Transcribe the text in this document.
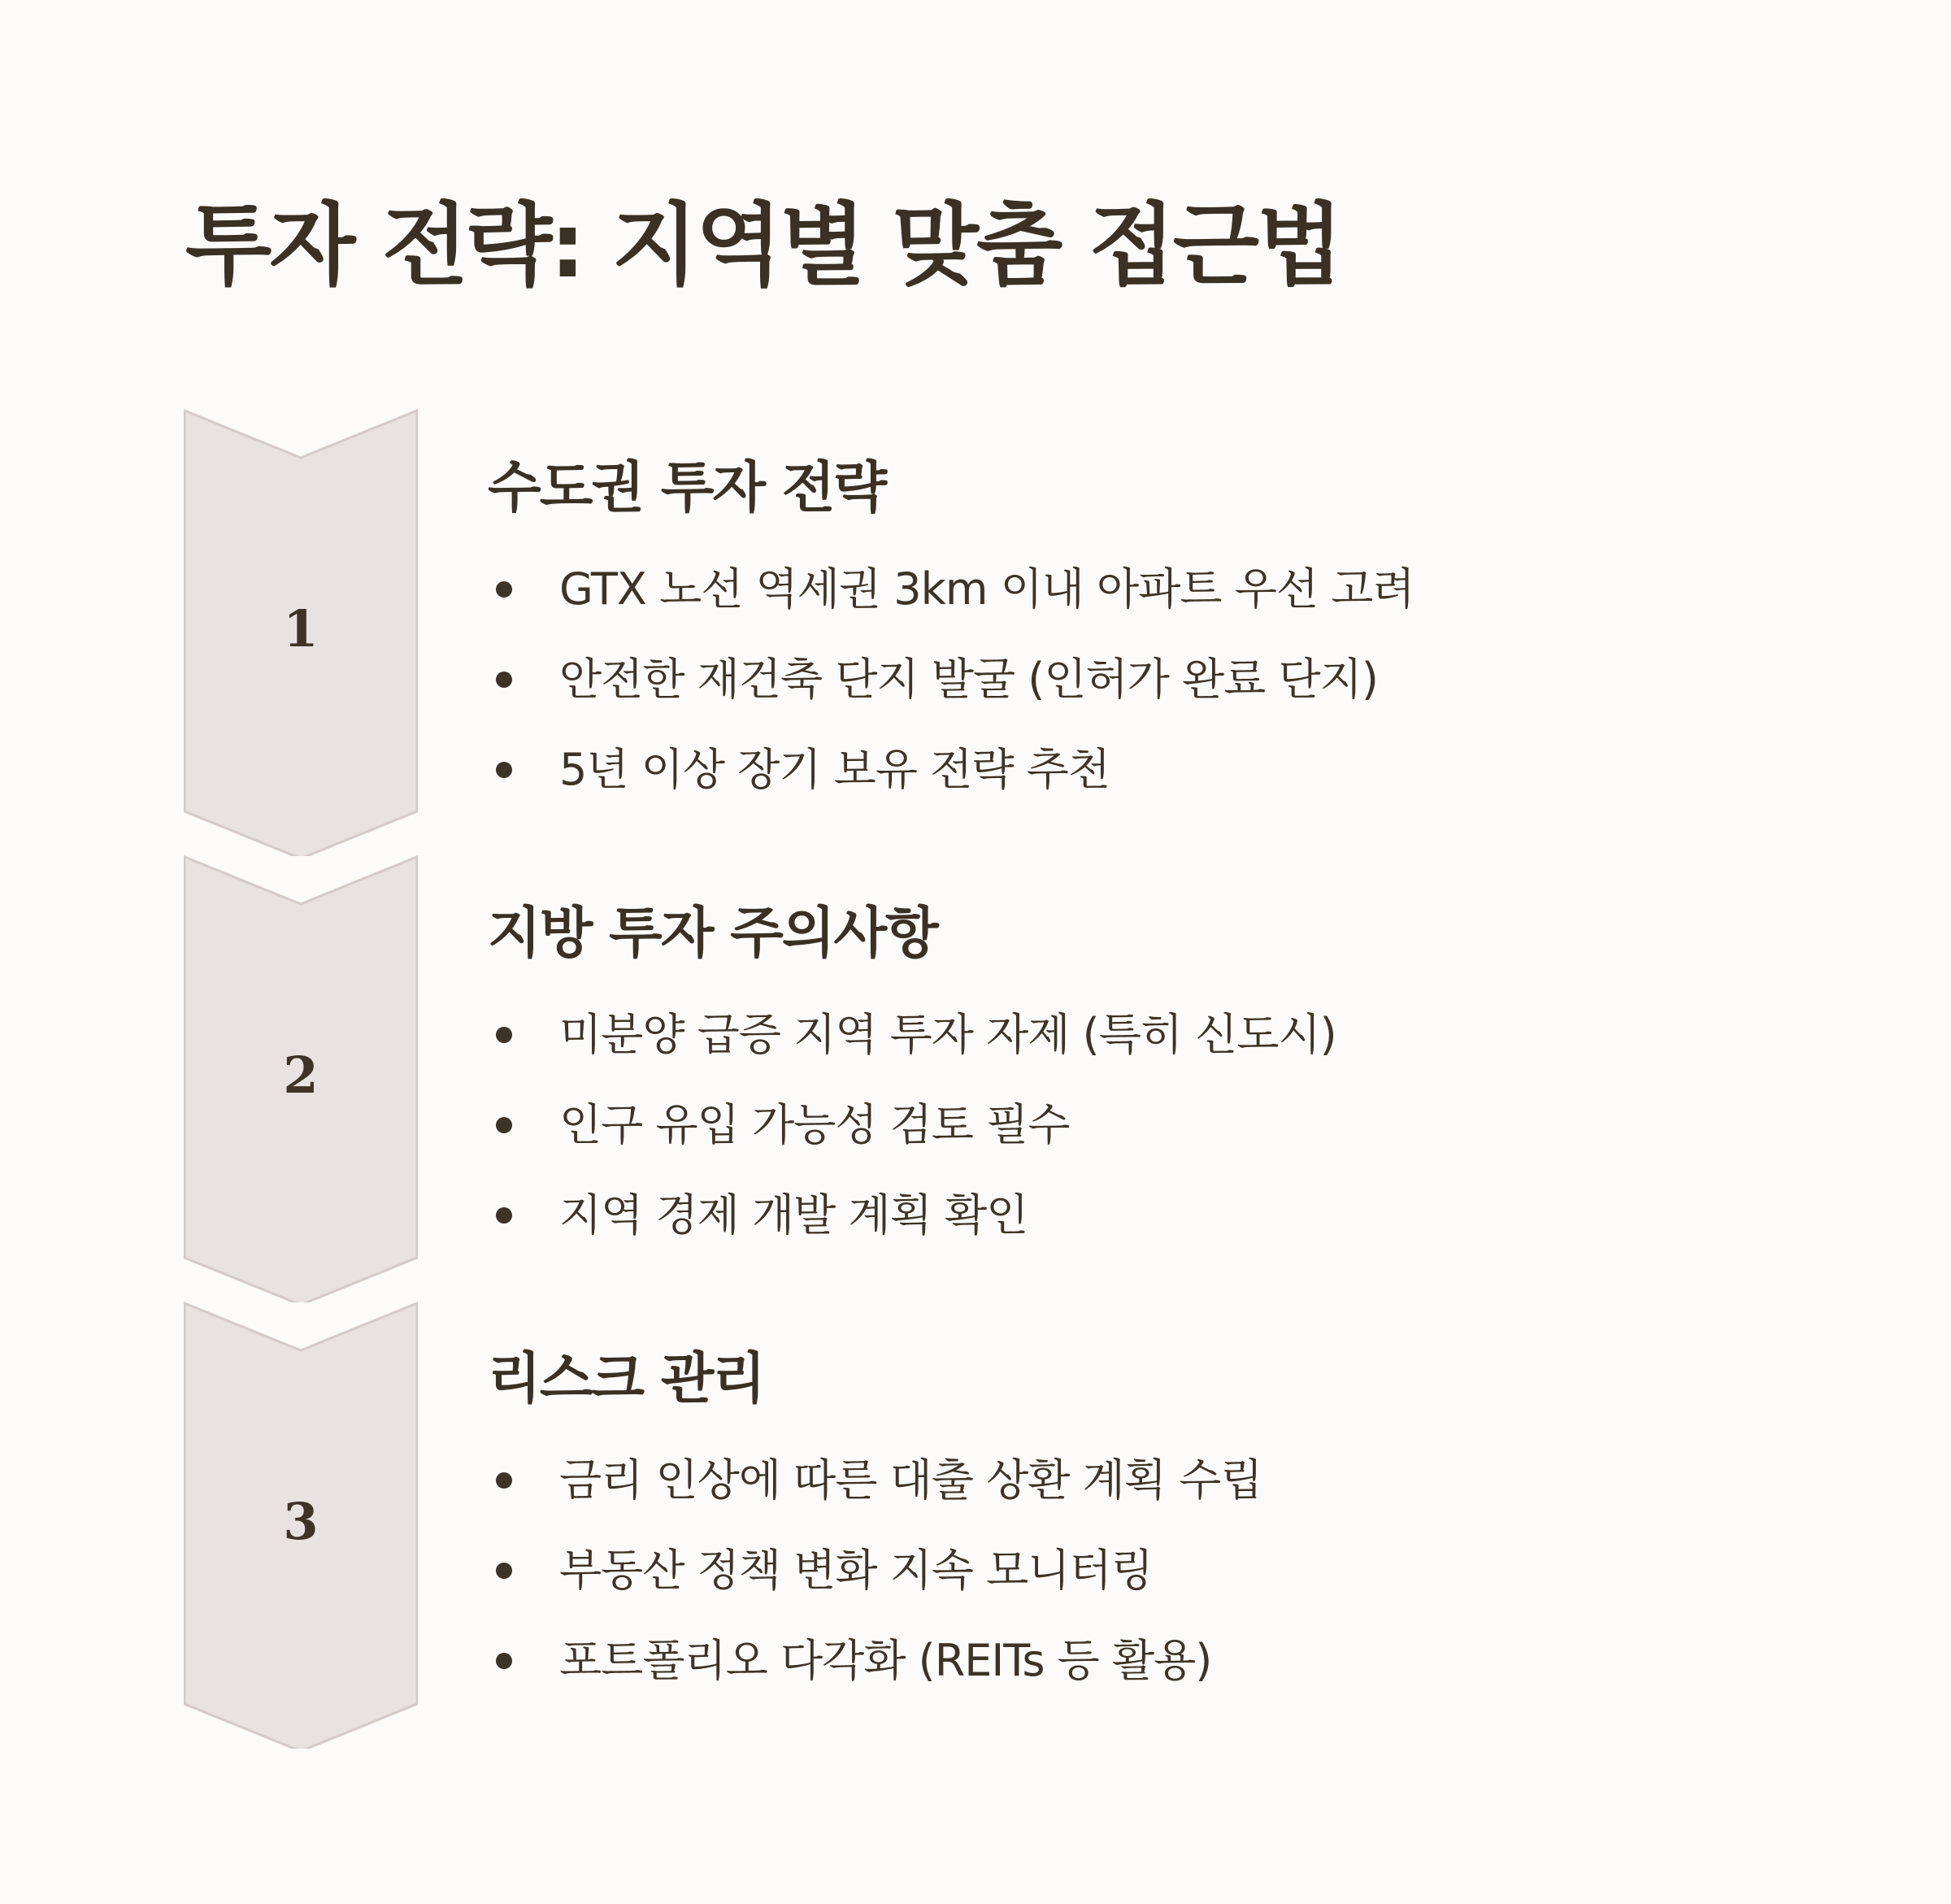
투자 전략: 지역별 맞춤 접근법
1
수도권 투자 전략
GTX 노선 역세권 3km 이내 아파트 우선 고려
안전한 재건축 단지 발굴 (인허가 완료 단지)
5년 이상 장기 보유 전략 추천
2
지방 투자 주의사항
미분양 급증 지역 투자 자제 (특히 신도시)
인구 유입 가능성 검토 필수
지역 경제 개발 계획 확인
3
리스크 관리
금리 인상에 따른 대출 상환 계획 수립
부동산 정책 변화 지속 모니터링
포트폴리오 다각화 (REITs 등 활용)
